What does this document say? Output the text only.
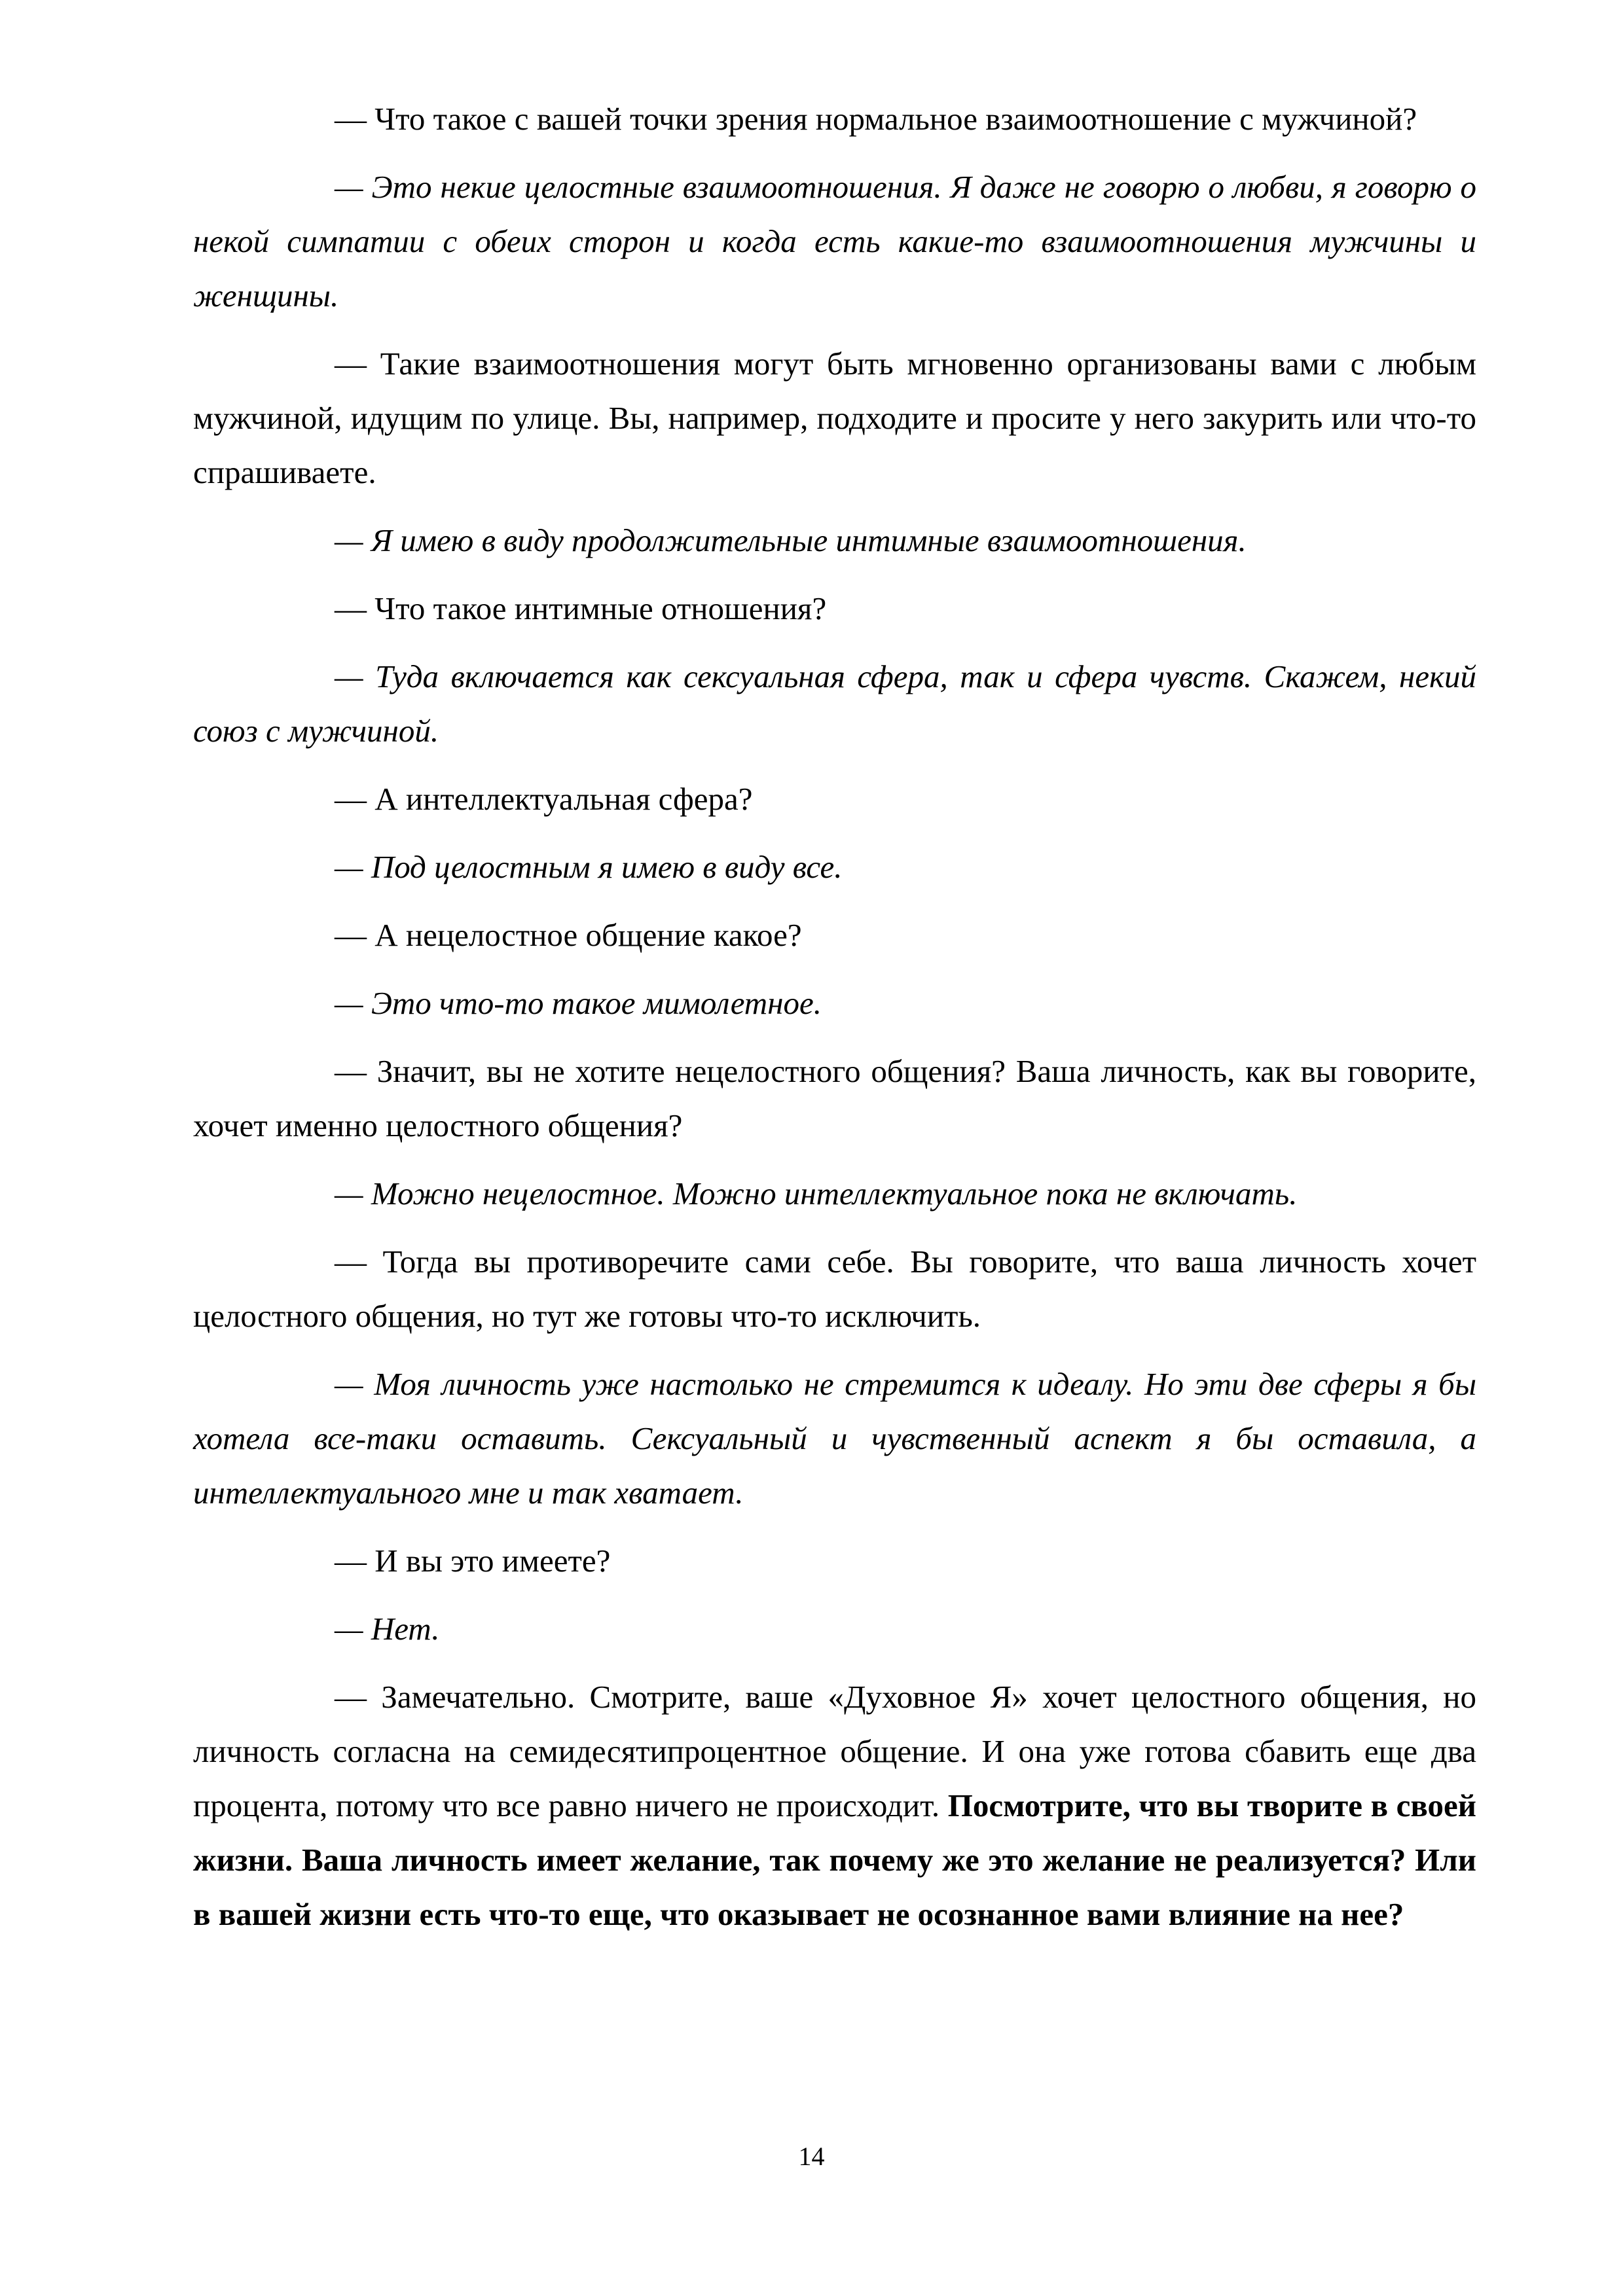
— Что такое с вашей точки зрения нормальное взаимоотношение с мужчиной?

— Это некие целостные взаимоотношения. Я даже не говорю о любви, я говорю о некой симпатии с обеих сторон и когда есть какие-то взаимоотношения мужчины и женщины.

— Такие взаимоотношения могут быть мгновенно организованы вами с любым мужчиной, идущим по улице. Вы, например, подходите и просите у него закурить или что-то спрашиваете.

— Я имею в виду продолжительные интимные взаимоотношения.

— Что такое интимные отношения?

— Туда включается как сексуальная сфера, так и сфера чувств. Скажем, некий союз с мужчиной.

— А интеллектуальная сфера?

— Под целостным я имею в виду все.

— А нецелостное общение какое?

— Это что-то такое мимолетное.

— Значит, вы не хотите нецелостного общения? Ваша личность, как вы говорите, хочет именно целостного общения?

— Можно нецелостное. Можно интеллектуальное пока не включать.

— Тогда вы противоречите сами себе. Вы говорите, что ваша личность хочет целостного общения, но тут же готовы что-то исключить.

— Моя личность уже настолько не стремится к идеалу. Но эти две сферы я бы хотела все-таки оставить. Сексуальный и чувственный аспект я бы оставила, а интеллектуального мне и так хватает.

— И вы это имеете?

— Нет.

— Замечательно. Смотрите, ваше «Духовное Я» хочет целостного общения, но личность согласна на семидесятипроцентное общение. И она уже готова сбавить еще два процента, потому что все равно ничего не происходит. Посмотрите, что вы творите в своей жизни. Ваша личность имеет желание, так почему же это желание не реализуется? Или в вашей жизни есть что-то еще, что оказывает не осознанное вами влияние на нее?

14
